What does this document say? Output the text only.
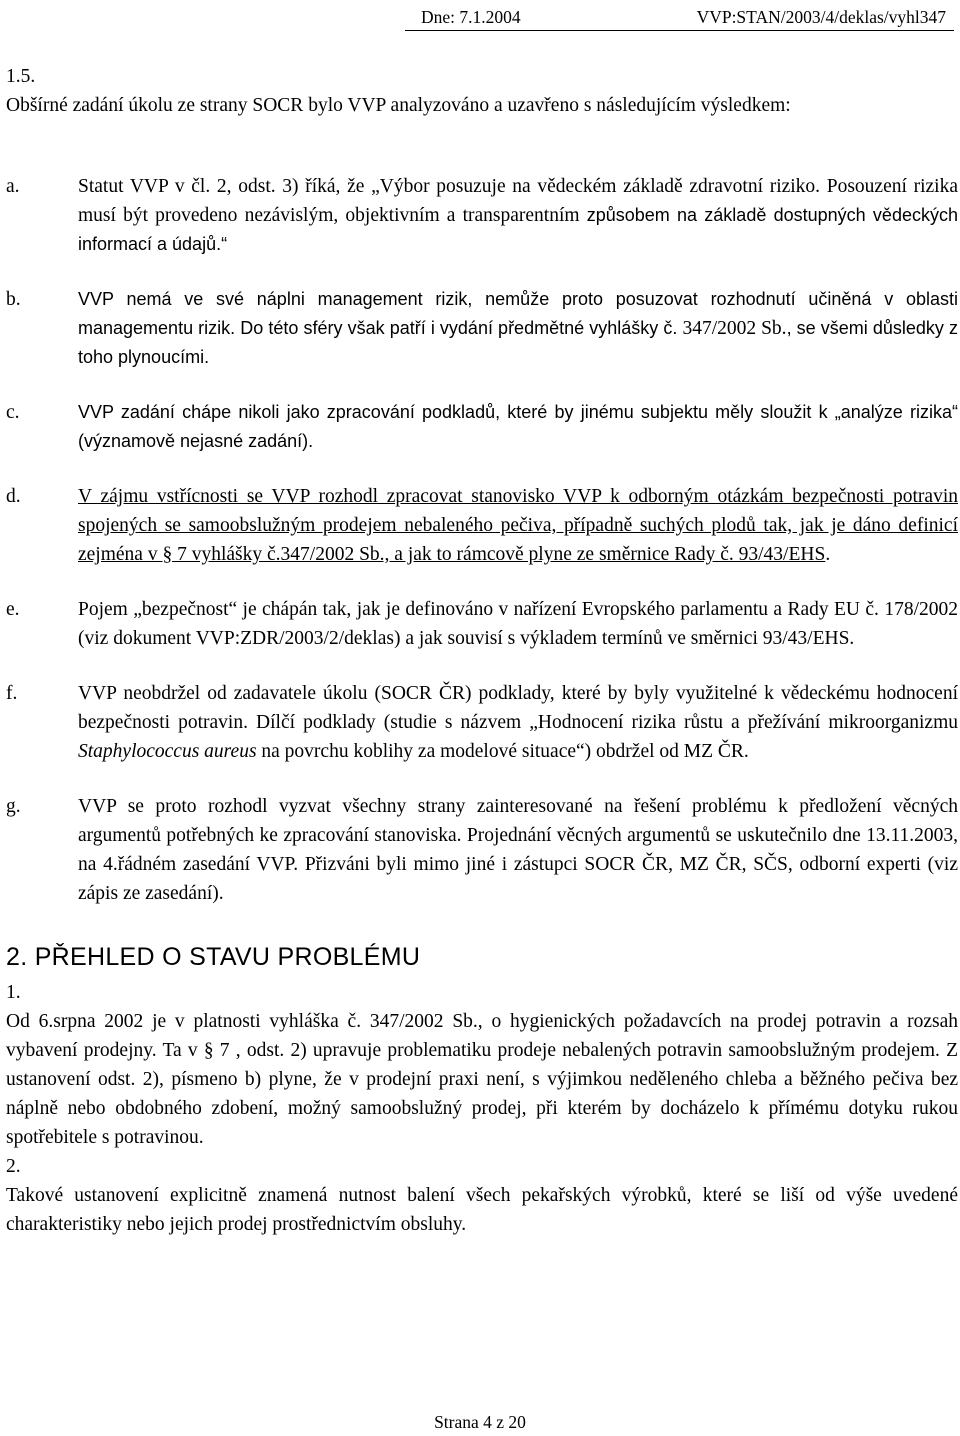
Dne: 7.1.2004	VVP:STAN/2003/4/deklas/vyhl347

1.5.

Obšírné zadání úkolu ze strany SOCR bylo VVP analyzováno a uzavřeno s následujícím výsledkem:

a.	Statut VVP v čl. 2, odst. 3) říká, že „Výbor posuzuje na vědeckém základě zdravotní riziko. Posouzení rizika musí být provedeno nezávislým, objektivním a transparentním způsobem na základě dostupných vědeckých informací a údajů.“
b.	VVP nemá ve své náplni management rizik, nemůže proto posuzovat rozhodnutí učiněná v oblasti managementu rizik. Do této sféry však patří i vydání předmětné vyhlášky č. 347/2002 Sb., se všemi důsledky z toho plynoucími.
c.	VVP zadání chápe nikoli jako zpracování podkladů, které by jinému subjektu měly sloužit k „analýze rizika“ (významově nejasné zadání).
d.	V zájmu vstřícnosti se VVP rozhodl zpracovat stanovisko VVP k odborným otázkám bezpečnosti potravin spojených se samoobslužným prodejem nebaleného pečiva, případně suchých plodů tak, jak je dáno definicí zejména v § 7 vyhlášky č.347/2002 Sb., a jak to rámcově plyne ze směrnice Rady č. 93/43/EHS.
e.	Pojem „bezpečnost“ je chápán tak, jak je definováno v nařízení Evropského parlamentu a Rady EU č. 178/2002 (viz dokument VVP:ZDR/2003/2/deklas) a jak souvisí s výkladem termínů ve směrnici 93/43/EHS.
f.	VVP neobdržel od zadavatele úkolu (SOCR ČR) podklady, které by byly využitelné k vědeckému hodnocení bezpečnosti potravin. Dílčí podklady (studie s názvem „Hodnocení rizika růstu a přežívání mikroorganizmu Staphylococcus aureus na povrchu koblihy za modelové situace“) obdržel od MZ ČR.
g.	VVP se proto rozhodl vyzvat všechny strany zainteresované na řešení problému k předložení věcných argumentů potřebných ke zpracování stanoviska. Projednání věcných argumentů se uskutečnilo dne 13.11.2003, na 4.řádném zasedání VVP. Přizváni byli mimo jiné i zástupci SOCR ČR, MZ ČR, SČS, odborní experti (viz zápis ze zasedání).
2. PŘEHLED O STAVU PROBLÉMU

1.

Od 6.srpna 2002 je v platnosti vyhláška č. 347/2002 Sb., o hygienických požadavcích na prodej potravin a rozsah vybavení prodejny. Ta v § 7 , odst. 2) upravuje problematiku prodeje nebalených potravin samoobslužným prodejem. Z ustanovení odst. 2), písmeno b) plyne, že v prodejní praxi není, s výjimkou neděleného chleba a běžného pečiva bez náplně nebo obdobného zdobení, možný samoobslužný prodej, při kterém by docházelo k přímému dotyku rukou spotřebitele s potravinou.

2.

Takové ustanovení explicitně znamená nutnost balení všech pekařských výrobků, které se liší od výše uvedené charakteristiky nebo jejich prodej prostřednictvím obsluhy.

Strana 4 z 20
